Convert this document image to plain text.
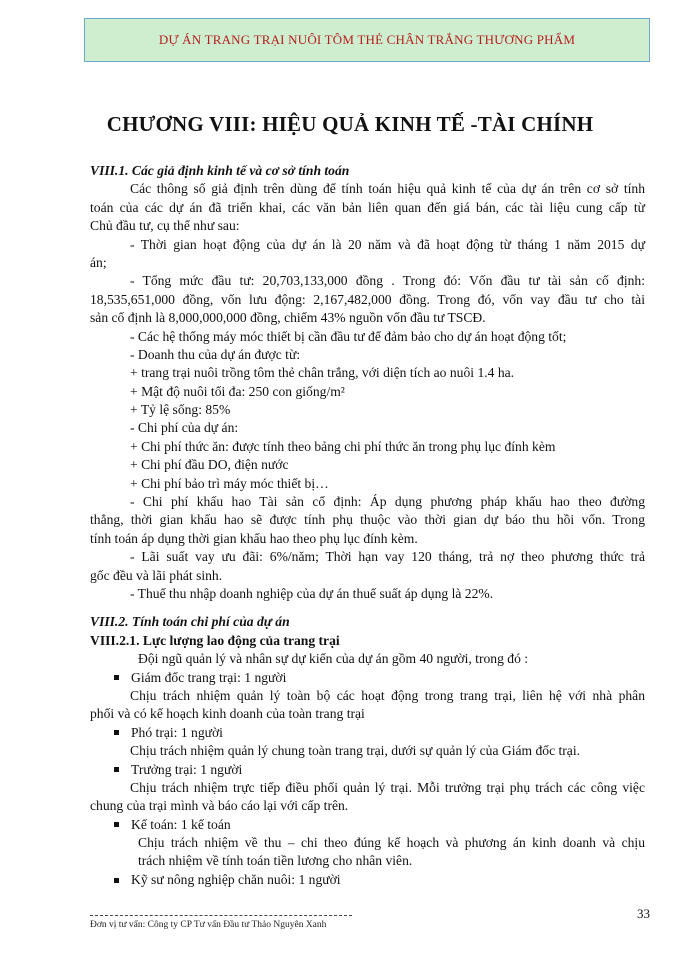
DỰ ÁN TRANG TRẠI NUÔI TÔM THẺ CHÂN TRẮNG THƯƠNG PHẨM
CHƯƠNG VIII: HIỆU QUẢ KINH TẾ -TÀI CHÍNH
VIII.1. Các giả định kinh tế và cơ sở tính toán
Các thông số giả định trên dùng để tính toán hiệu quả kinh tế của dự án trên cơ sở tính
toán của các dự án đã triển khai, các văn bản liên quan đến giá bán, các tài liệu cung cấp từ
Chủ đầu tư, cụ thể như sau:
- Thời gian hoạt động của dự án là 20 năm và đã hoạt động từ tháng 1 năm 2015 dự
án;
- Tổng mức đầu tư: 20,703,133,000 đồng . Trong đó: Vốn đầu tư tài sản cố định:
18,535,651,000 đồng, vốn lưu động: 2,167,482,000 đồng. Trong đó, vốn vay đầu tư cho tài
sản cố định là 8,000,000,000 đồng, chiếm 43% nguồn vốn đầu tư TSCĐ.
- Các hệ thống máy móc thiết bị cần đầu tư để đảm bảo cho dự án hoạt động tốt;
- Doanh thu của dự án được từ:
+ trang trại nuôi trồng tôm thẻ chân trắng, với diện tích ao nuôi 1.4 ha.
+ Mật độ nuôi tối đa: 250 con giống/m²
+ Tỷ lệ sống: 85%
- Chi phí của dự án:
+ Chi phí thức ăn: được tính theo bảng chi phí thức ăn trong phụ lục đính kèm
+ Chi phí đầu DO, điện nước
+ Chi phí bảo trì máy móc thiết bị…
- Chi phí khấu hao Tài sản cố định: Áp dụng phương pháp khấu hao theo đường
thẳng, thời gian khấu hao sẽ được tính phụ thuộc vào thời gian dự báo thu hồi vốn. Trong
tính toán áp dụng thời gian khấu hao theo phụ lục đính kèm.
- Lãi suất vay ưu đãi: 6%/năm; Thời hạn vay 120 tháng, trả nợ theo phương thức trả
gốc đều và lãi phát sinh.
- Thuế thu nhập doanh nghiệp của dự án thuế suất áp dụng là 22%.
VIII.2. Tính toán chi phí của dự án
VIII.2.1. Lực lượng lao động của trang trại
Đội ngũ quản lý và nhân sự dự kiến của dự án gồm 40 người, trong đó :
Giám đốc trang trại: 1 người
Chịu trách nhiệm quản lý toàn bộ các hoạt động trong trang trại, liên hệ với nhà phân
phối và có kế hoạch kinh doanh của toàn trang trại
Phó trại: 1 người
Chịu trách nhiệm quản lý chung toàn trang trại, dưới sự quản lý của Giám đốc trại.
Trưởng trại: 1 người
Chịu trách nhiệm trực tiếp điều phối quản lý trại. Mỗi trưởng trại phụ trách các công việc
chung của trại mình và báo cáo lại với cấp trên.
Kế toán: 1 kế toán
Chịu trách nhiệm về thu – chi theo đúng kế hoạch và phương án kinh doanh và chịu
trách nhiệm về tính toán tiền lương cho nhân viên.
Kỹ sư nông nghiệp chăn nuôi: 1 người
Đơn vị tư vấn: Công ty CP Tư vấn Đầu tư Thảo Nguyên Xanh
33
